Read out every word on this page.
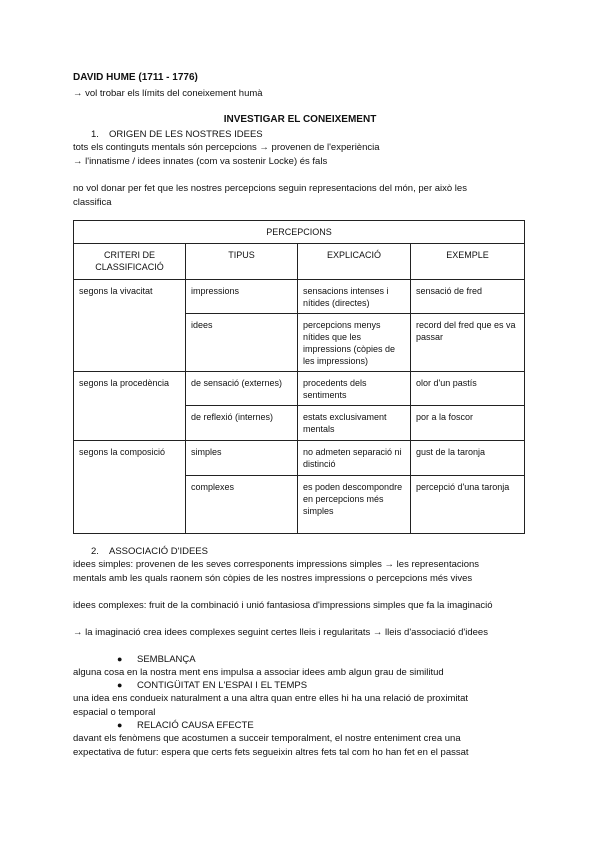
DAVID HUME (1711 - 1776)
→ vol trobar els límits del coneixement humà
INVESTIGAR EL CONEIXEMENT
1. ORIGEN DE LES NOSTRES IDEES
tots els continguts mentals són percepcions → provenen de l'experiència
→ l'innatisme / idees innates (com va sostenir Locke) és fals
no vol donar per fet que les nostres percepcions seguin representacions del món, per això les
classifica
PERCEPCIONS			
CRITERI DE CLASSIFICACIÓ	TIPUS	EXPLICACIÓ	EXEMPLE
segons la vivacitat	impressions	sensacions intenses i nítides (directes)	sensació de fred
	idees	percepcions menys nítides que les impressions (còpies de les impressions)	record del fred que es va passar
segons la procedència	de sensació (externes)	procedents dels sentiments	olor d'un pastís
	de reflexió (internes)	estats exclusivament mentals	por a la foscor
segons la composició	simples	no admeten separació ni distinció	gust de la taronja
	complexes	es poden descompondre en percepcions més simples	percepció d'una taronja
2. ASSOCIACIÓ D'IDEES
idees simples: provenen de les seves corresponents impressions simples → les representacions
mentals amb les quals raonem són còpies de les nostres impressions o percepcions més vives
idees complexes: fruit de la combinació i unió fantasiosa d'impressions simples que fa la imaginació
→ la imaginació crea idees complexes seguint certes lleis i regularitats → lleis d'associació d'idees
● SEMBLANÇA
alguna cosa en la nostra ment ens impulsa a associar idees amb algun grau de similitud
● CONTIGÜITAT EN L'ESPAI I EL TEMPS
una idea ens condueix naturalment a una altra quan entre elles hi ha una relació de proximitat
espacial o temporal
● RELACIÓ CAUSA EFECTE
davant els fenòmens que acostumen a succeir temporalment, el nostre enteniment crea una
expectativa de futur: espera que certs fets segueixin altres fets tal com ho han fet en el passat
